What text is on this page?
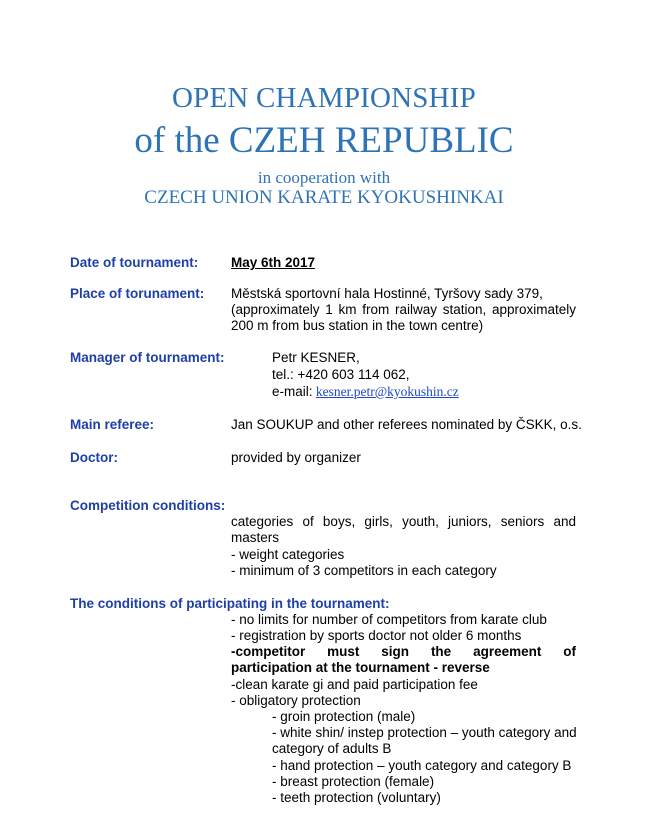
OPEN CHAMPIONSHIP
of the CZEH REPUBLIC
in cooperation with
CZECH UNION KARATE KYOKUSHINKAI
Date of tournament: May 6th 2017
Place of torunament: Městská sportovní hala Hostinné, Tyršovy sady 379,
(approximately 1 km from railway station, approximately
200 m from bus station in the town centre)
Manager of tournament:	Petr KESNER,
tel.: +420 603 114 062,
e-mail: kesner.petr@kyokushin.cz
Main referee:	Jan SOUKUP and other referees nominated by ČSKK, o.s.
Doctor:	provided by organizer
Competition conditions:
categories of boys, girls, youth, juniors, seniors and
masters
- weight categories
- minimum of 3 competitors in each category
The conditions of participating in the tournament:
- no limits for number of competitors from karate club
- registration by sports doctor not older 6 months
-competitor must sign the agreement of
participation at the tournament - reverse
-clean karate gi and paid participation fee
- obligatory protection
- groin protection (male)
- white shin/ instep protection – youth category and
category of adults B
- hand protection – youth category and category B
- breast protection (female)
- teeth protection (voluntary)
